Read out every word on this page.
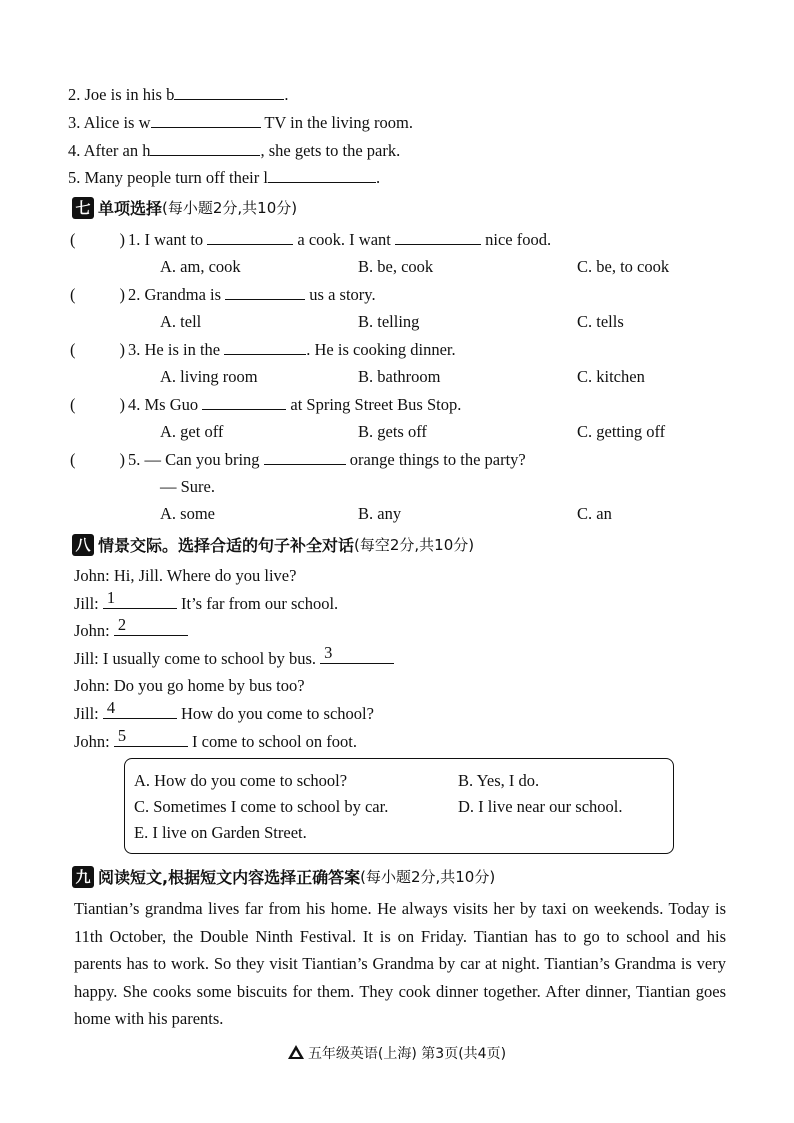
2. Joe is in his b	.
3. Alice is w	TV in the living room.
4. After an h	, she gets to the park.
5. Many people turn off their l	.
七 单项选择 (每小题2分,共10分)
(	) 1. I want to	a cook. I want	nice food.
A. am, cook	B. be, cook	C. be, to cook
(	) 2. Grandma is	us a story.
A. tell	B. telling	C. tells
(	) 3. He is in the	. He is cooking dinner.
A. living room	B. bathroom	C. kitchen
(	) 4. Ms Guo	at Spring Street Bus Stop.
A. get off	B. gets off	C. getting off
(	) 5. — Can you bring	orange things to the party?
— Sure.
A. some	B. any	C. an
八 情景交际。选择合适的句子补全对话 (每空2分,共10分)
John: Hi, Jill. Where do you live?
Jill: 1	It’s far from our school.
John: 2
Jill: I usually come to school by bus. 3
John: Do you go home by bus too?
Jill: 4	How do you come to school?
John: 5	I come to school on foot.
A. How do you come to school?	B. Yes, I do.
C. Sometimes I come to school by car.	D. I live near our school.
E. I live on Garden Street.
九 阅读短文,根据短文内容选择正确答案 (每小题2分,共10分)
Tiantian’s grandma lives far from his home. He always visits her by taxi on weekends. Today is 11th October, the Double Ninth Festival. It is on Friday. Tiantian has to go to school and his parents has to work. So they visit Tiantian’s Grandma by car at night. Tiantian’s Grandma is very happy. She cooks some biscuits for them. They cook dinner together. After dinner, Tiantian goes home with his parents.
五年级英语(上海) 第3页(共4页)
